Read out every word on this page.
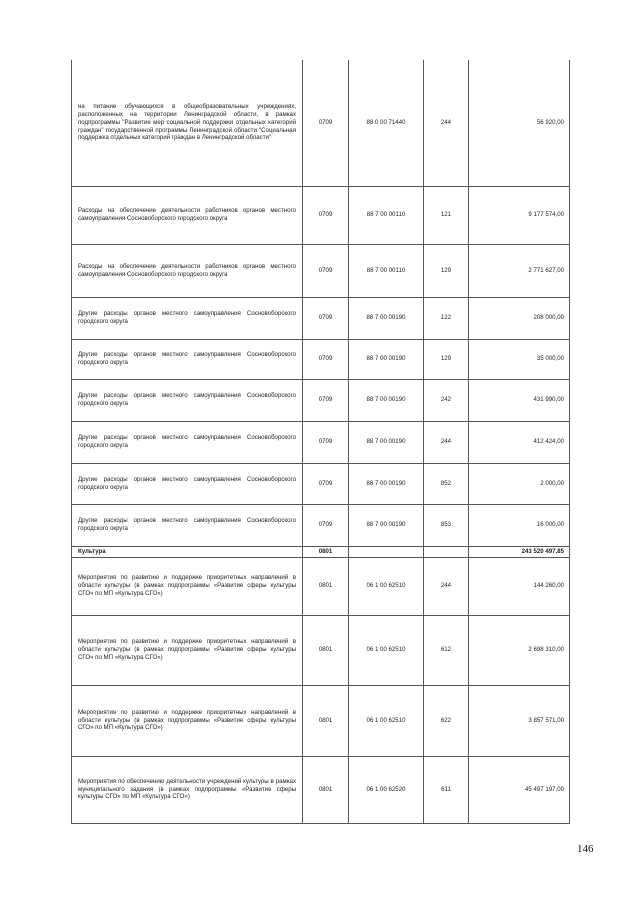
на питание обучающихся в общеобразовательных учреждениях, расположенных на территории Ленинградской области, в рамках подпрограммы "Развитие мер социальной поддержки отдельных категорий граждан" государственной программы Ленинградской области "Социальная поддержка отдельных категорий граждан в Ленинградской области"	0709	88 0 00 71440	244	56 920,00
Расходы на обеспечение деятельности работников органов местного самоуправления Сосновоборского городского округа	0709	88 7 00 00110	121	9 177 574,00
Расходы на обеспечение деятельности работников органов местного самоуправления Сосновоборского городского округа	0709	88 7 00 00110	129	2 771 627,00
Другие расходы органов местного самоуправления Сосновоборского городского округа	0709	88 7 00 00190	122	208 000,00
Другие расходы органов местного самоуправления Сосновоборского городского округа	0709	88 7 00 00190	129	35 000,00
Другие расходы органов местного самоуправления Сосновоборского городского округа	0709	88 7 00 00190	242	431 990,00
Другие расходы органов местного самоуправления Сосновоборского городского округа	0709	88 7 00 00190	244	412 424,00
Другие расходы органов местного самоуправления Сосновоборского городского округа	0709	88 7 00 00190	852	2 000,00
Другие расходы органов местного самоуправления Сосновоборского городского округа	0709	88 7 00 00190	853	16 000,00
Культура	0801			243 520 497,85
Мероприятия по развитию и поддержке приоритетных направлений в области культуры (в рамках подпрограммы «Развитие сферы культуры СГО» по МП «Культура СГО»)	0801	06 1 00 62510	244	144 260,00
Мероприятия по развитию и поддержке приоритетных направлений в области культуры (в рамках подпрограммы «Развитие сферы культуры СГО» по МП «Культура СГО»)	0801	06 1 00 62510	612	2 698 310,00
Мероприятия по развитию и поддержке приоритетных направлений в области культуры (в рамках подпрограммы «Развитие сферы культуры СГО» по МП «Культура СГО»)	0801	06 1 00 62510	622	3 857 571,00
Мероприятия по обеспечению деятельности учреждений культуры в рамках муниципального задания (в рамках подпрограммы «Развитие сферы культуры СГО» по МП «Культура СГО»)	0801	06 1 00 62520	611	45 497 197,00
146
